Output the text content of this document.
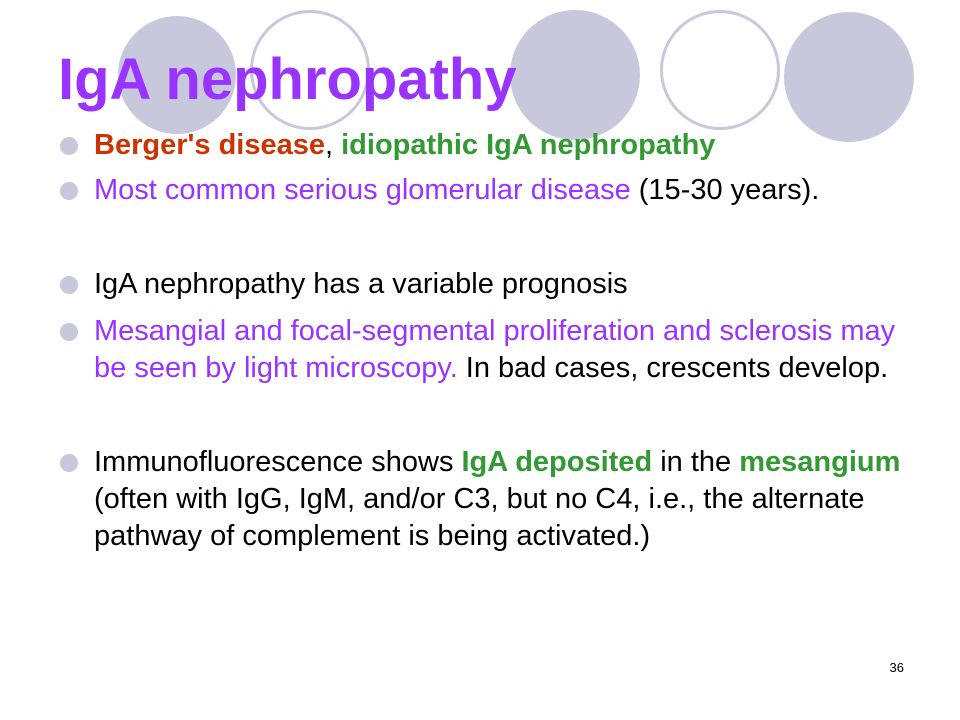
IgA nephropathy
Berger's disease, idiopathic IgA nephropathy
Most common serious glomerular disease (15-30 years).
IgA nephropathy has a variable prognosis
Mesangial and focal-segmental proliferation and sclerosis may be seen by light microscopy. In bad cases, crescents develop.
Immunofluorescence shows IgA deposited in the mesangium (often with IgG, IgM, and/or C3, but no C4, i.e., the alternate pathway of complement is being activated.)
36
